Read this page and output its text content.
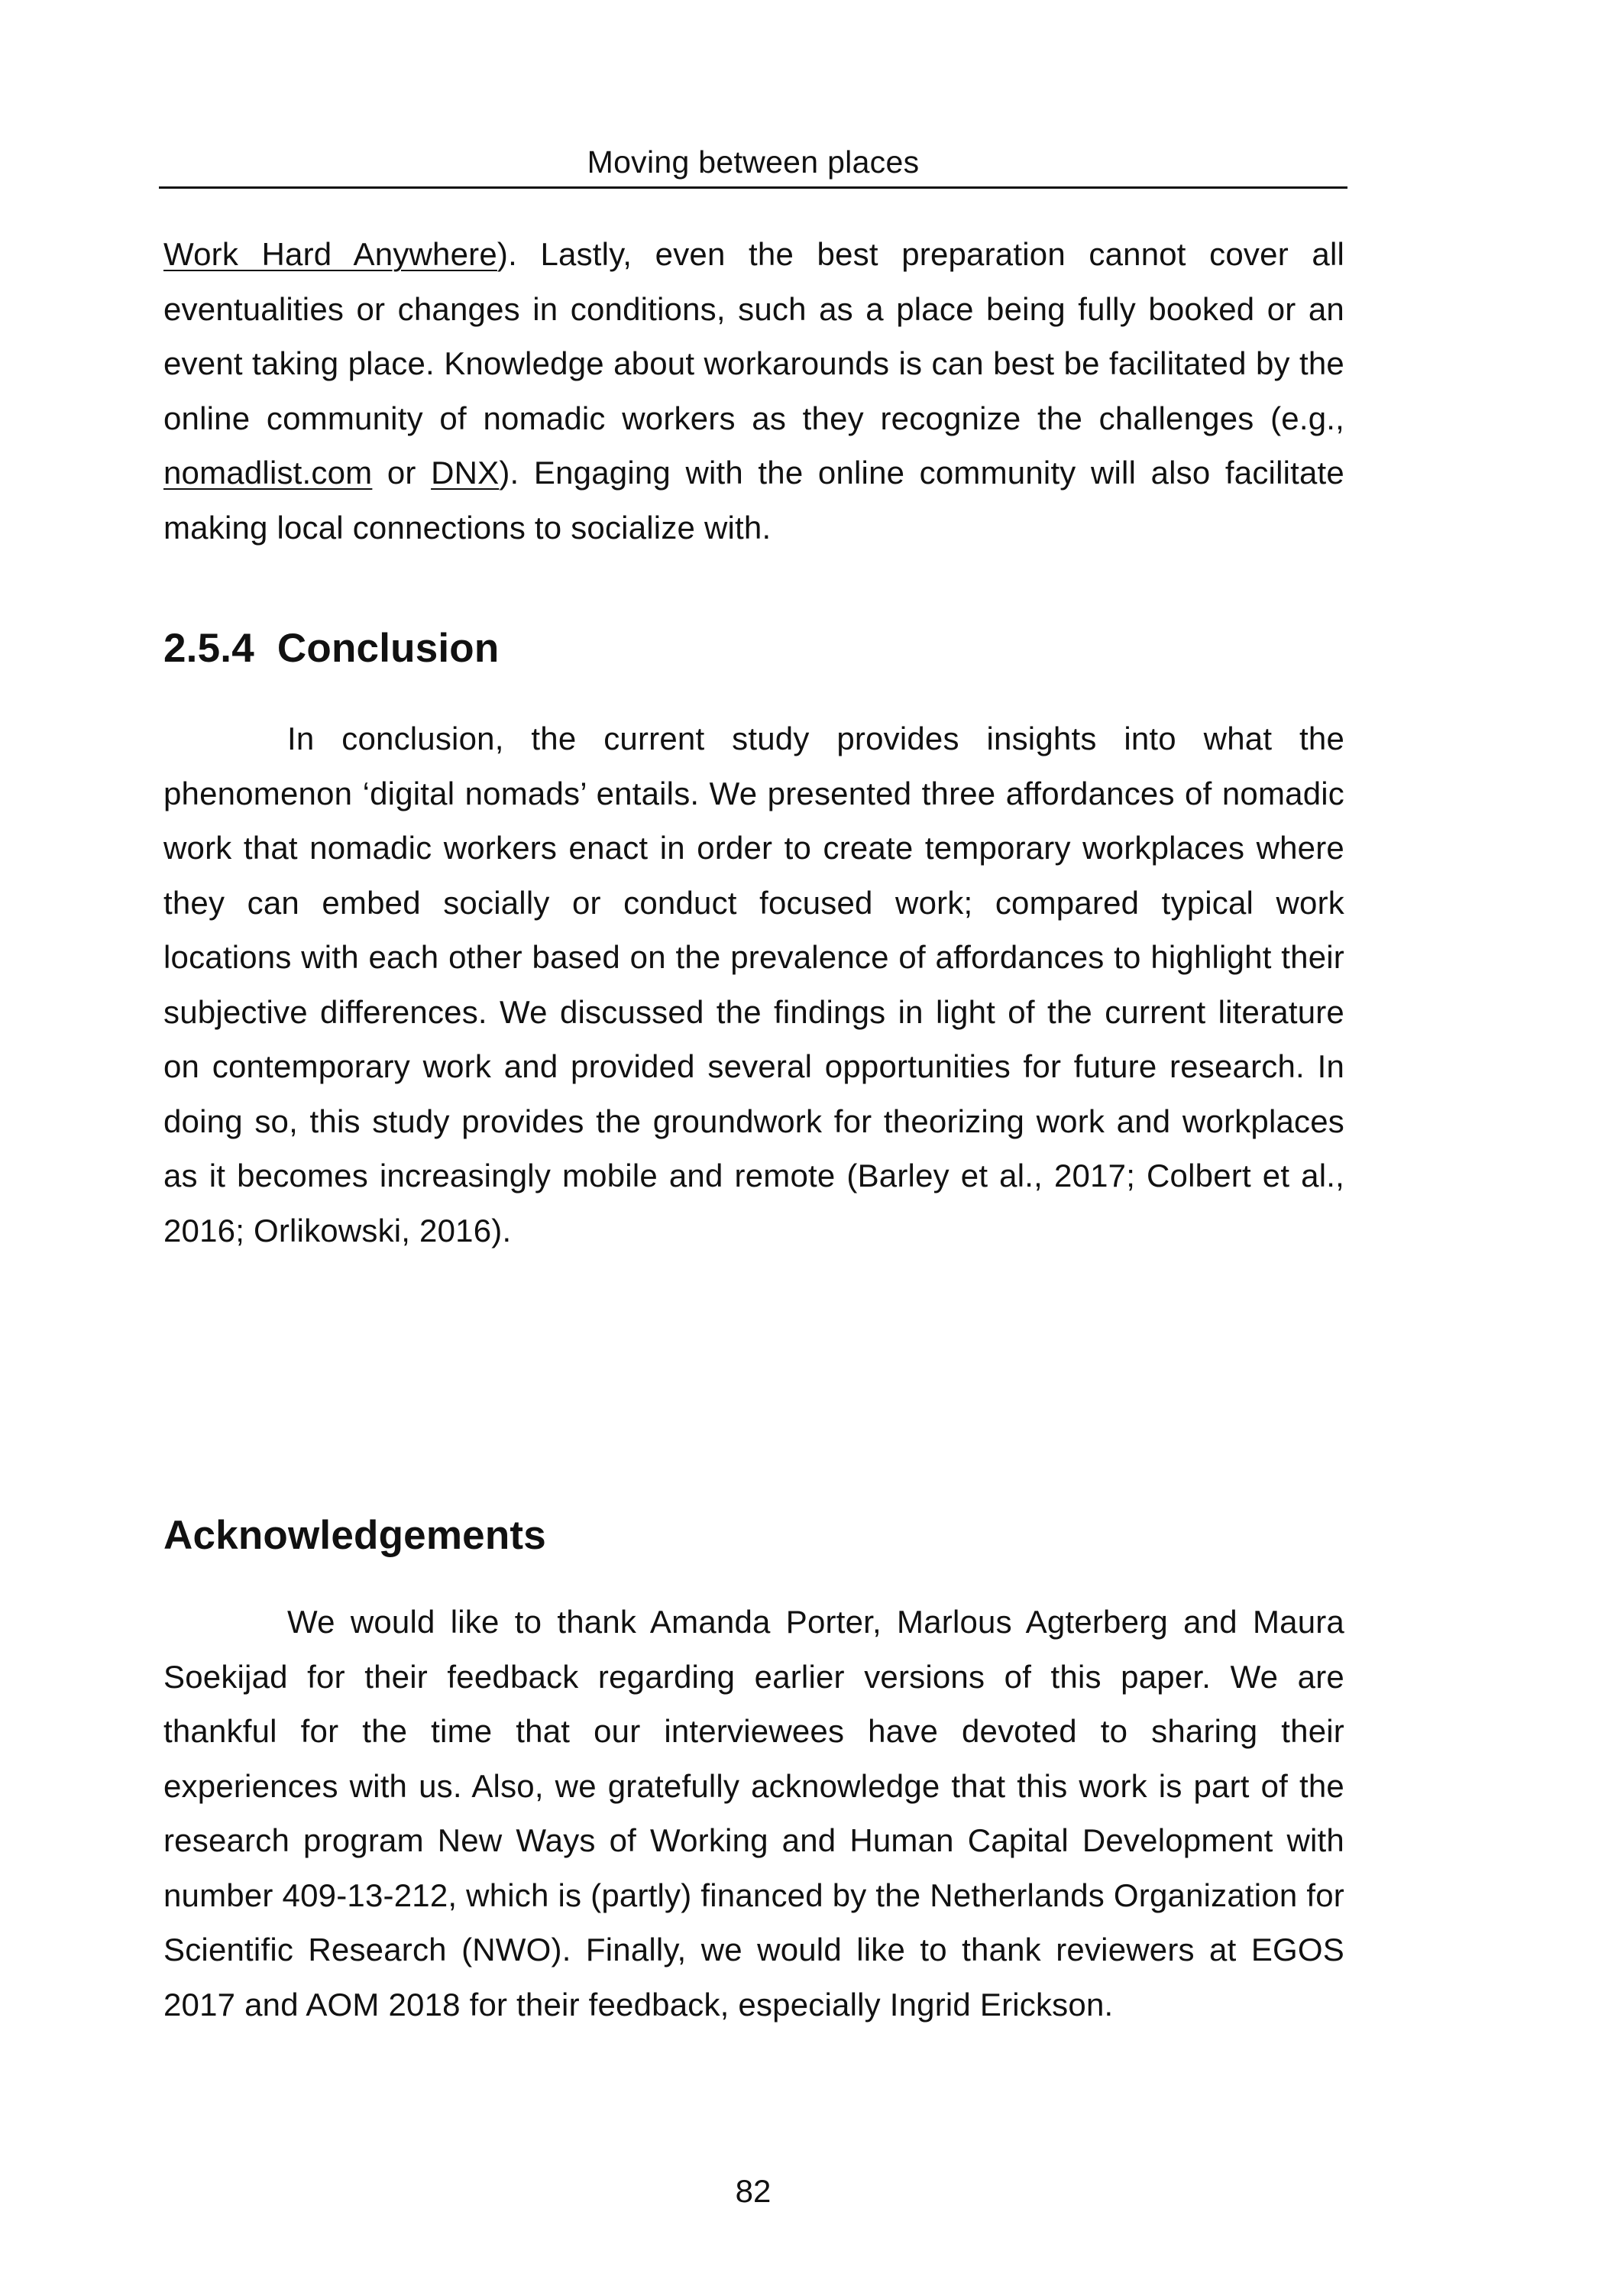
Moving between places

Work Hard Anywhere). Lastly, even the best preparation cannot cover all eventualities or changes in conditions, such as a place being fully booked or an event taking place. Knowledge about workarounds is can best be facilitated by the online community of nomadic workers as they recognize the challenges (e.g., nomadlist.com or DNX). Engaging with the online community will also facilitate making local connections to socialize with.

2.5.4 Conclusion

In conclusion, the current study provides insights into what the phenomenon ‘digital nomads’ entails. We presented three affordances of nomadic work that nomadic workers enact in order to create temporary workplaces where they can embed socially or conduct focused work; compared typical work locations with each other based on the prevalence of affordances to highlight their subjective differences. We discussed the findings in light of the current literature on contemporary work and provided several opportunities for future research. In doing so, this study provides the groundwork for theorizing work and workplaces as it becomes increasingly mobile and remote (Barley et al., 2017; Colbert et al., 2016; Orlikowski, 2016).

Acknowledgements

We would like to thank Amanda Porter, Marlous Agterberg and Maura Soekijad for their feedback regarding earlier versions of this paper. We are thankful for the time that our interviewees have devoted to sharing their experiences with us. Also, we gratefully acknowledge that this work is part of the research program New Ways of Working and Human Capital Development with number 409-13-212, which is (partly) financed by the Netherlands Organization for Scientific Research (NWO). Finally, we would like to thank reviewers at EGOS 2017 and AOM 2018 for their feedback, especially Ingrid Erickson.

82
